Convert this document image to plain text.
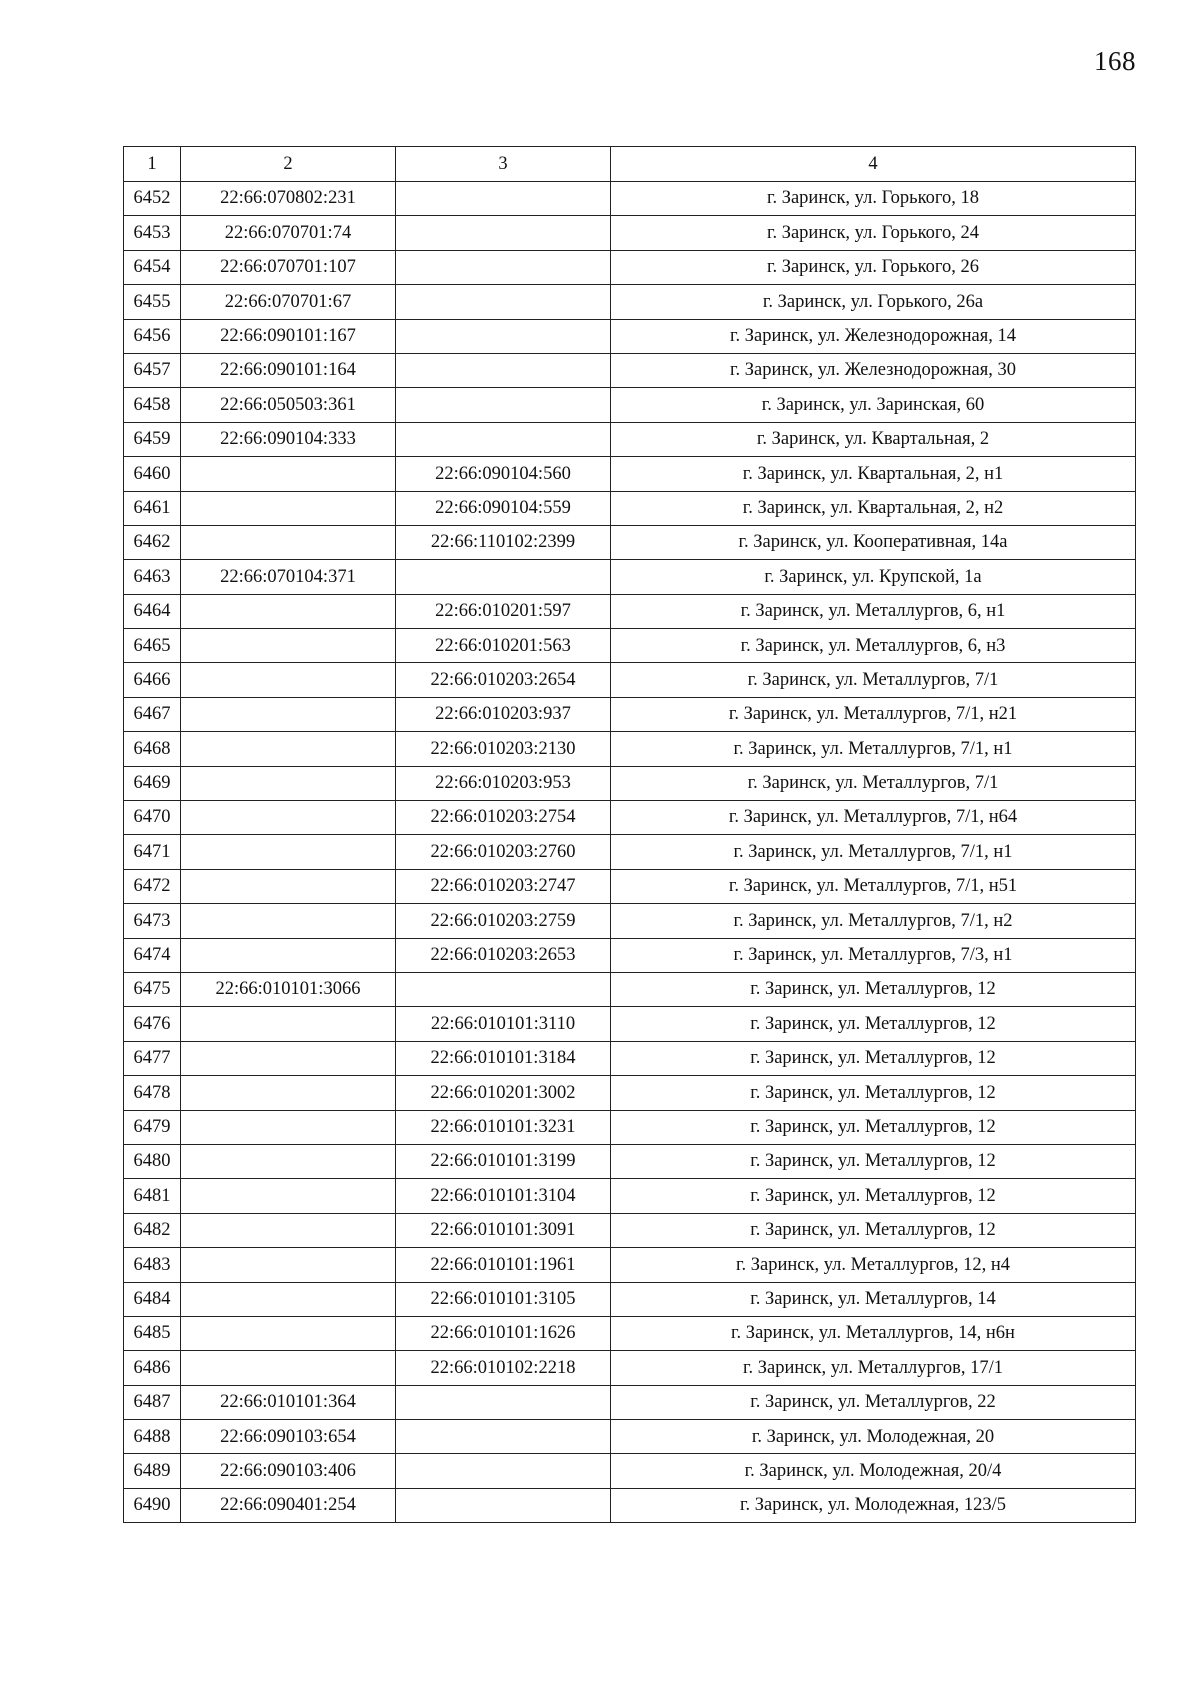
168
1	2	3	4
6452	22:66:070802:231		г. Заринск, ул. Горького, 18
6453	22:66:070701:74		г. Заринск, ул. Горького, 24
6454	22:66:070701:107		г. Заринск, ул. Горького, 26
6455	22:66:070701:67		г. Заринск, ул. Горького, 26а
6456	22:66:090101:167		г. Заринск, ул. Железнодорожная, 14
6457	22:66:090101:164		г. Заринск, ул. Железнодорожная, 30
6458	22:66:050503:361		г. Заринск, ул. Заринская, 60
6459	22:66:090104:333		г. Заринск, ул. Квартальная, 2
6460		22:66:090104:560	г. Заринск, ул. Квартальная, 2, н1
6461		22:66:090104:559	г. Заринск, ул. Квартальная, 2, н2
6462		22:66:110102:2399	г. Заринск, ул. Кооперативная, 14а
6463	22:66:070104:371		г. Заринск, ул. Крупской, 1а
6464		22:66:010201:597	г. Заринск, ул. Металлургов, 6, н1
6465		22:66:010201:563	г. Заринск, ул. Металлургов, 6, н3
6466		22:66:010203:2654	г. Заринск, ул. Металлургов, 7/1
6467		22:66:010203:937	г. Заринск, ул. Металлургов, 7/1, н21
6468		22:66:010203:2130	г. Заринск, ул. Металлургов, 7/1, н1
6469		22:66:010203:953	г. Заринск, ул. Металлургов, 7/1
6470		22:66:010203:2754	г. Заринск, ул. Металлургов, 7/1, н64
6471		22:66:010203:2760	г. Заринск, ул. Металлургов, 7/1, н1
6472		22:66:010203:2747	г. Заринск, ул. Металлургов, 7/1, н51
6473		22:66:010203:2759	г. Заринск, ул. Металлургов, 7/1, н2
6474		22:66:010203:2653	г. Заринск, ул. Металлургов, 7/3, н1
6475	22:66:010101:3066		г. Заринск, ул. Металлургов, 12
6476		22:66:010101:3110	г. Заринск, ул. Металлургов, 12
6477		22:66:010101:3184	г. Заринск, ул. Металлургов, 12
6478		22:66:010201:3002	г. Заринск, ул. Металлургов, 12
6479		22:66:010101:3231	г. Заринск, ул. Металлургов, 12
6480		22:66:010101:3199	г. Заринск, ул. Металлургов, 12
6481		22:66:010101:3104	г. Заринск, ул. Металлургов, 12
6482		22:66:010101:3091	г. Заринск, ул. Металлургов, 12
6483		22:66:010101:1961	г. Заринск, ул. Металлургов, 12, н4
6484		22:66:010101:3105	г. Заринск, ул. Металлургов, 14
6485		22:66:010101:1626	г. Заринск, ул. Металлургов, 14, н6н
6486		22:66:010102:2218	г. Заринск, ул. Металлургов, 17/1
6487	22:66:010101:364		г. Заринск, ул. Металлургов, 22
6488	22:66:090103:654		г. Заринск, ул. Молодежная, 20
6489	22:66:090103:406		г. Заринск, ул. Молодежная, 20/4
6490	22:66:090401:254		г. Заринск, ул. Молодежная, 123/5
